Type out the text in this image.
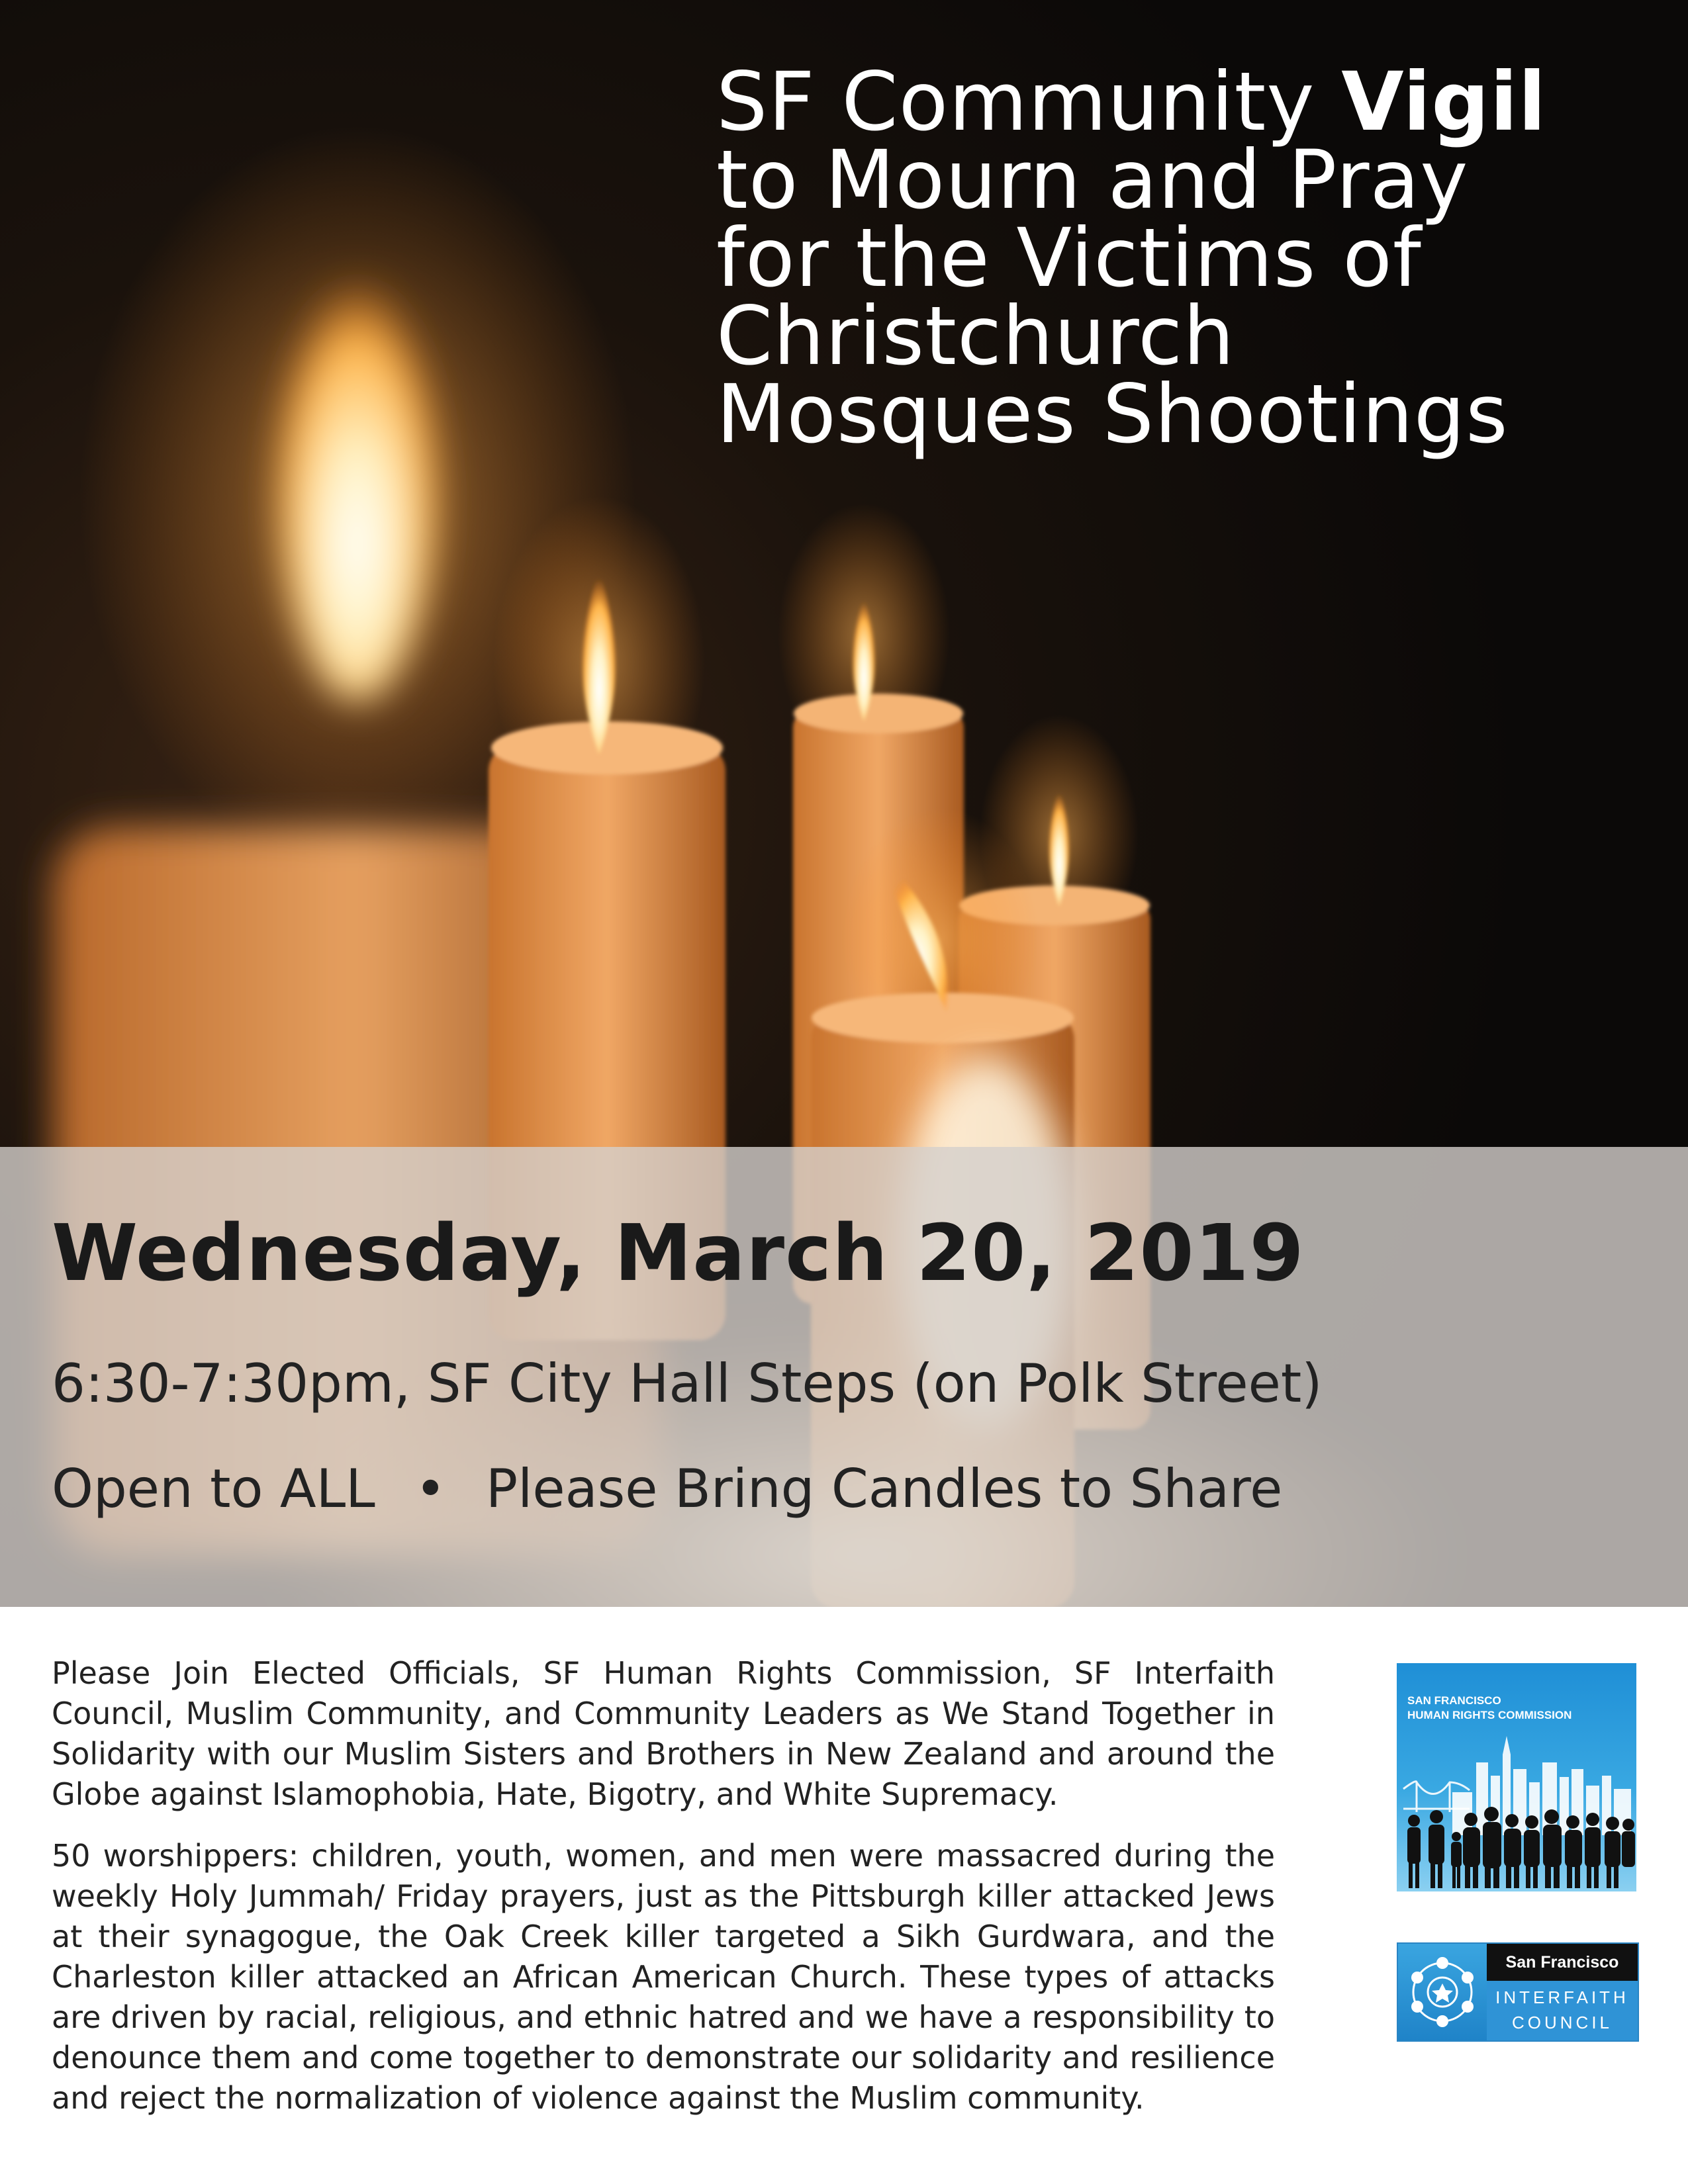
SF Community Vigil
to Mourn and Pray
for the Victims of
Christchurch
Mosques Shootings
Wednesday, March 20, 2019
6:30-7:30pm, SF City Hall Steps (on Polk Street)
Open to ALL • Please Bring Candles to Share

Please Join Elected Officials, SF Human Rights Commission, SF Interfaith Council, Muslim Community, and Community Leaders as We Stand Together in Solidarity with our Muslim Sisters and Brothers in New Zealand and around the Globe against Islamophobia, Hate, Bigotry, and White Supremacy.

50 worshippers: children, youth, women, and men were massacred during the weekly Holy Jummah/ Friday prayers, just as the Pittsburgh killer attacked Jews at their synagogue, the Oak Creek killer targeted a Sikh Gurdwara, and the Charleston killer attacked an African American Church. These types of attacks are driven by racial, religious, and ethnic hatred and we have a responsibility to denounce them and come together to demonstrate our solidarity and resilience and reject the normalization of violence against the Muslim community.

SAN FRANCISCO
HUMAN RIGHTS COMMISSION
San Francisco
INTERFAITH
COUNCIL
